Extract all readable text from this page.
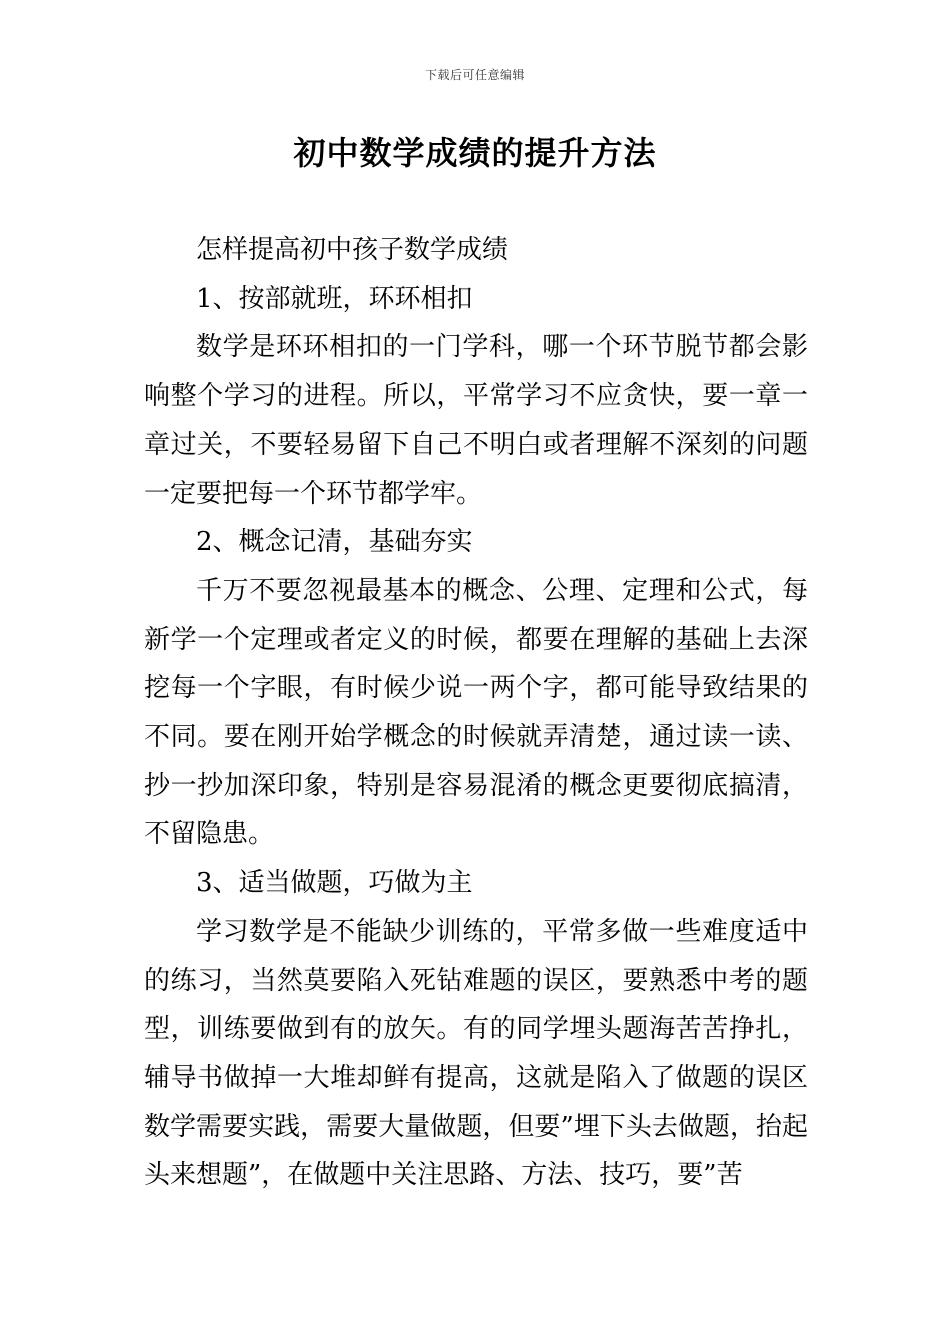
下载后可任意编辑
初中数学成绩的提升方法

怎样提高初中孩子数学成绩

1、按部就班，环环相扣

数学是环环相扣的一门学科，哪一个环节脱节都会影响整个学习的进程。所以，平常学习不应贪快，要一章一章过关，不要轻易留下自己不明白或者理解不深刻的问题一定要把每一个环节都学牢。

2、概念记清，基础夯实

千万不要忽视最基本的概念、公理、定理和公式，每新学一个定理或者定义的时候，都要在理解的基础上去深挖每一个字眼，有时候少说一两个字，都可能导致结果的不同。要在刚开始学概念的时候就弄清楚，通过读一读、抄一抄加深印象，特别是容易混淆的概念更要彻底搞清，不留隐患。

3、适当做题，巧做为主

学习数学是不能缺少训练的，平常多做一些难度适中的练习，当然莫要陷入死钻难题的误区，要熟悉中考的题型，训练要做到有的放矢。有的同学埋头题海苦苦挣扎，辅导书做掉一大堆却鲜有提高，这就是陷入了做题的误区数学需要实践，需要大量做题，但要”埋下头去做题，抬起头来想题”，在做题中关注思路、方法、技巧，要”苦
